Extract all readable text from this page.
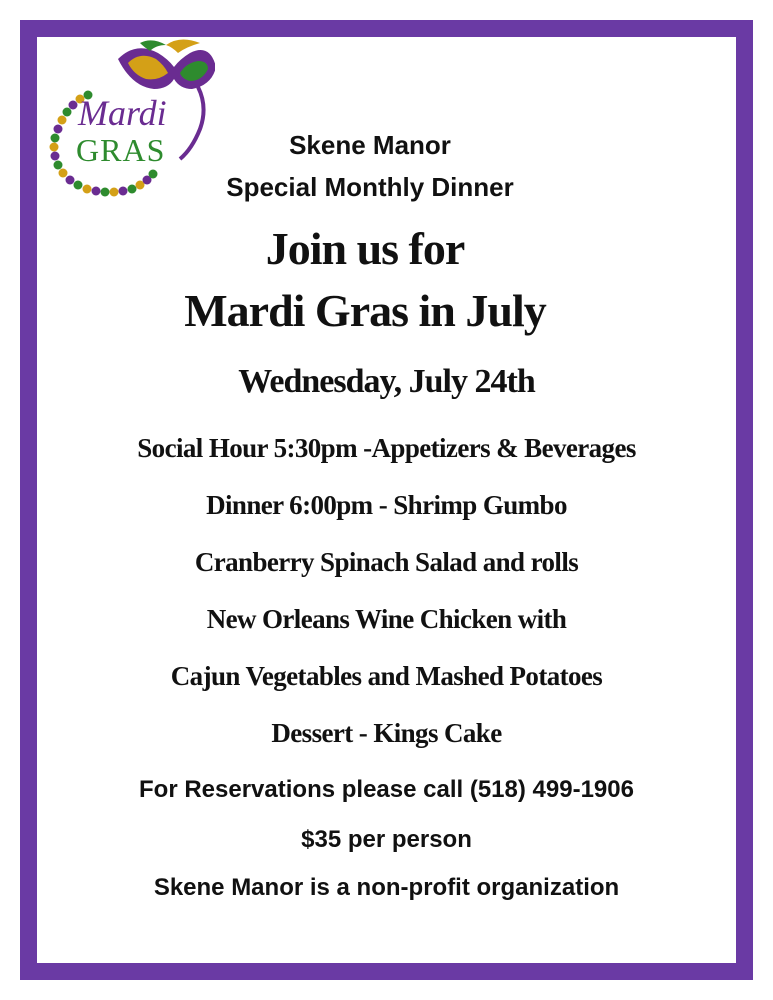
Mardi
GRAS	Skene Manor
Special Monthly Dinner
Join us for
Mardi Gras in July
Wednesday, July 24th
Social Hour 5:30pm -Appetizers & Beverages
Dinner 6:00pm - Shrimp Gumbo
Cranberry Spinach Salad and rolls
New Orleans Wine Chicken with
Cajun Vegetables and Mashed Potatoes
Dessert - Kings Cake
For Reservations please call (518) 499-1906
$35 per person
Skene Manor is a non-profit organization
